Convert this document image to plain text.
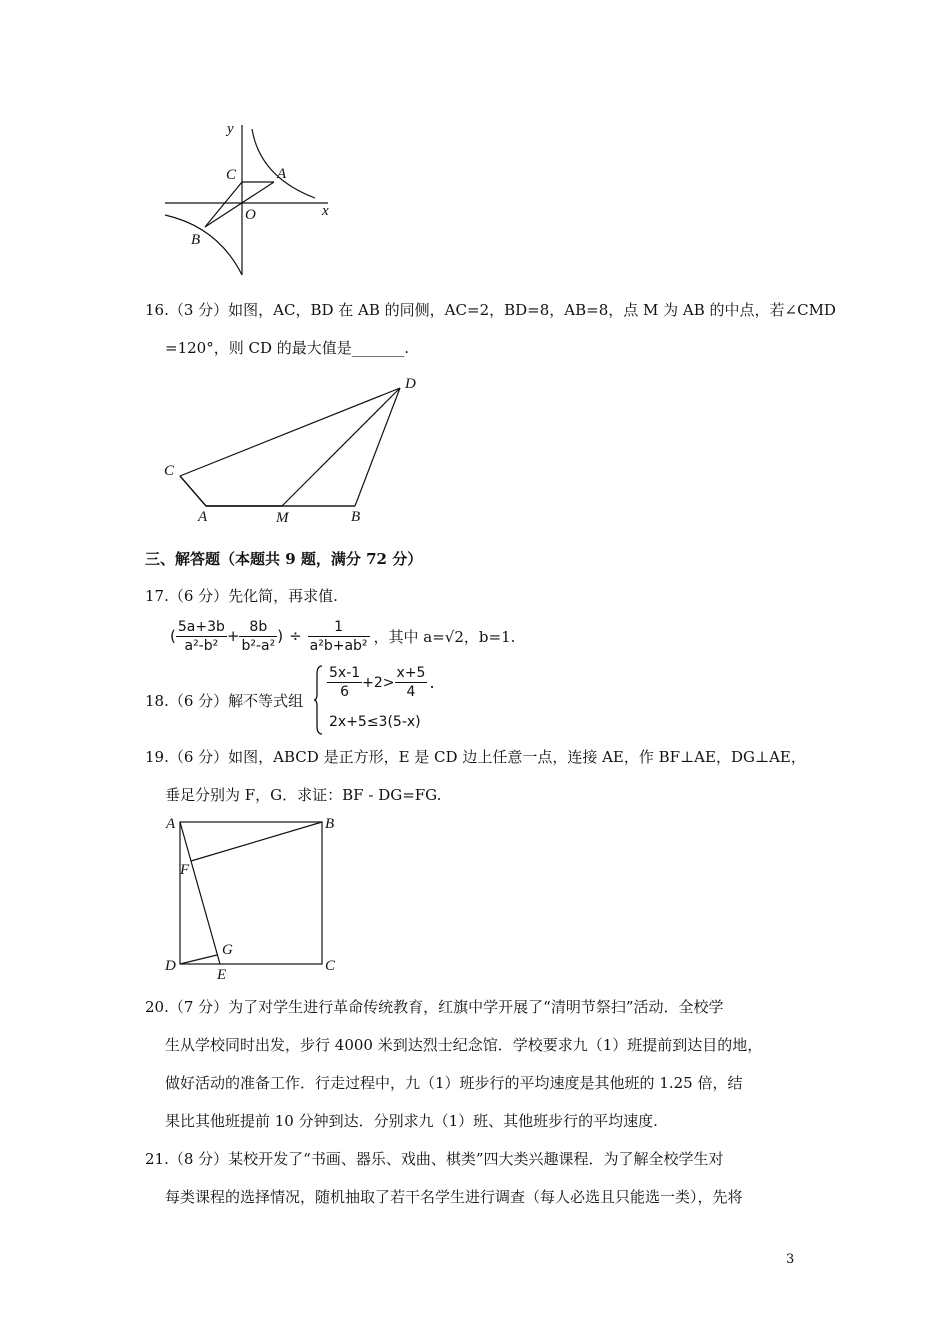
y
x
C	A
O
B
16.（3 分）如图，AC，BD 在 AB 的同侧，AC=2，BD=8，AB=8，点 M 为 AB 的中点，若∠CMD
=120°，则 CD 的最大值是_______.
C
D
A	M	B
三、解答题（本题共 9 题，满分 72 分）
17.（6 分）先化简，再求值.
( $\frac{5a+3b}{\text{a²-b²}} + \frac{8b}{\text{b²-a²}}$ ) ÷ $\frac{1}{\text{a²b+ab²}}$ ，其中 a=√2，b=1.
18.（6 分）解不等式组 $\frac{5x-1}{6} +2> \frac{x+5}{4}$ .
2x+5≤3(5-x)
19.（6 分）如图，ABCD 是正方形，E 是 CD 边上任意一点，连接 AE，作 BF⊥AE，DG⊥AE，
垂足分别为 F，G．求证：BF - DG=FG.
A	B
F
G
D
E
C
20.（7 分）为了对学生进行革命传统教育，红旗中学开展了“清明节祭扫”活动．全校学
生从学校同时出发，步行 4000 米到达烈士纪念馆．学校要求九（1）班提前到达目的地，
做好活动的准备工作．行走过程中，九（1）班步行的平均速度是其他班的 1.25 倍，结
果比其他班提前 10 分钟到达．分别求九（1）班、其他班步行的平均速度.
21.（8 分）某校开发了“书画、器乐、戏曲、棋类”四大类兴趣课程．为了解全校学生对
每类课程的选择情况，随机抽取了若干名学生进行调查（每人必选且只能选一类），先将
3
